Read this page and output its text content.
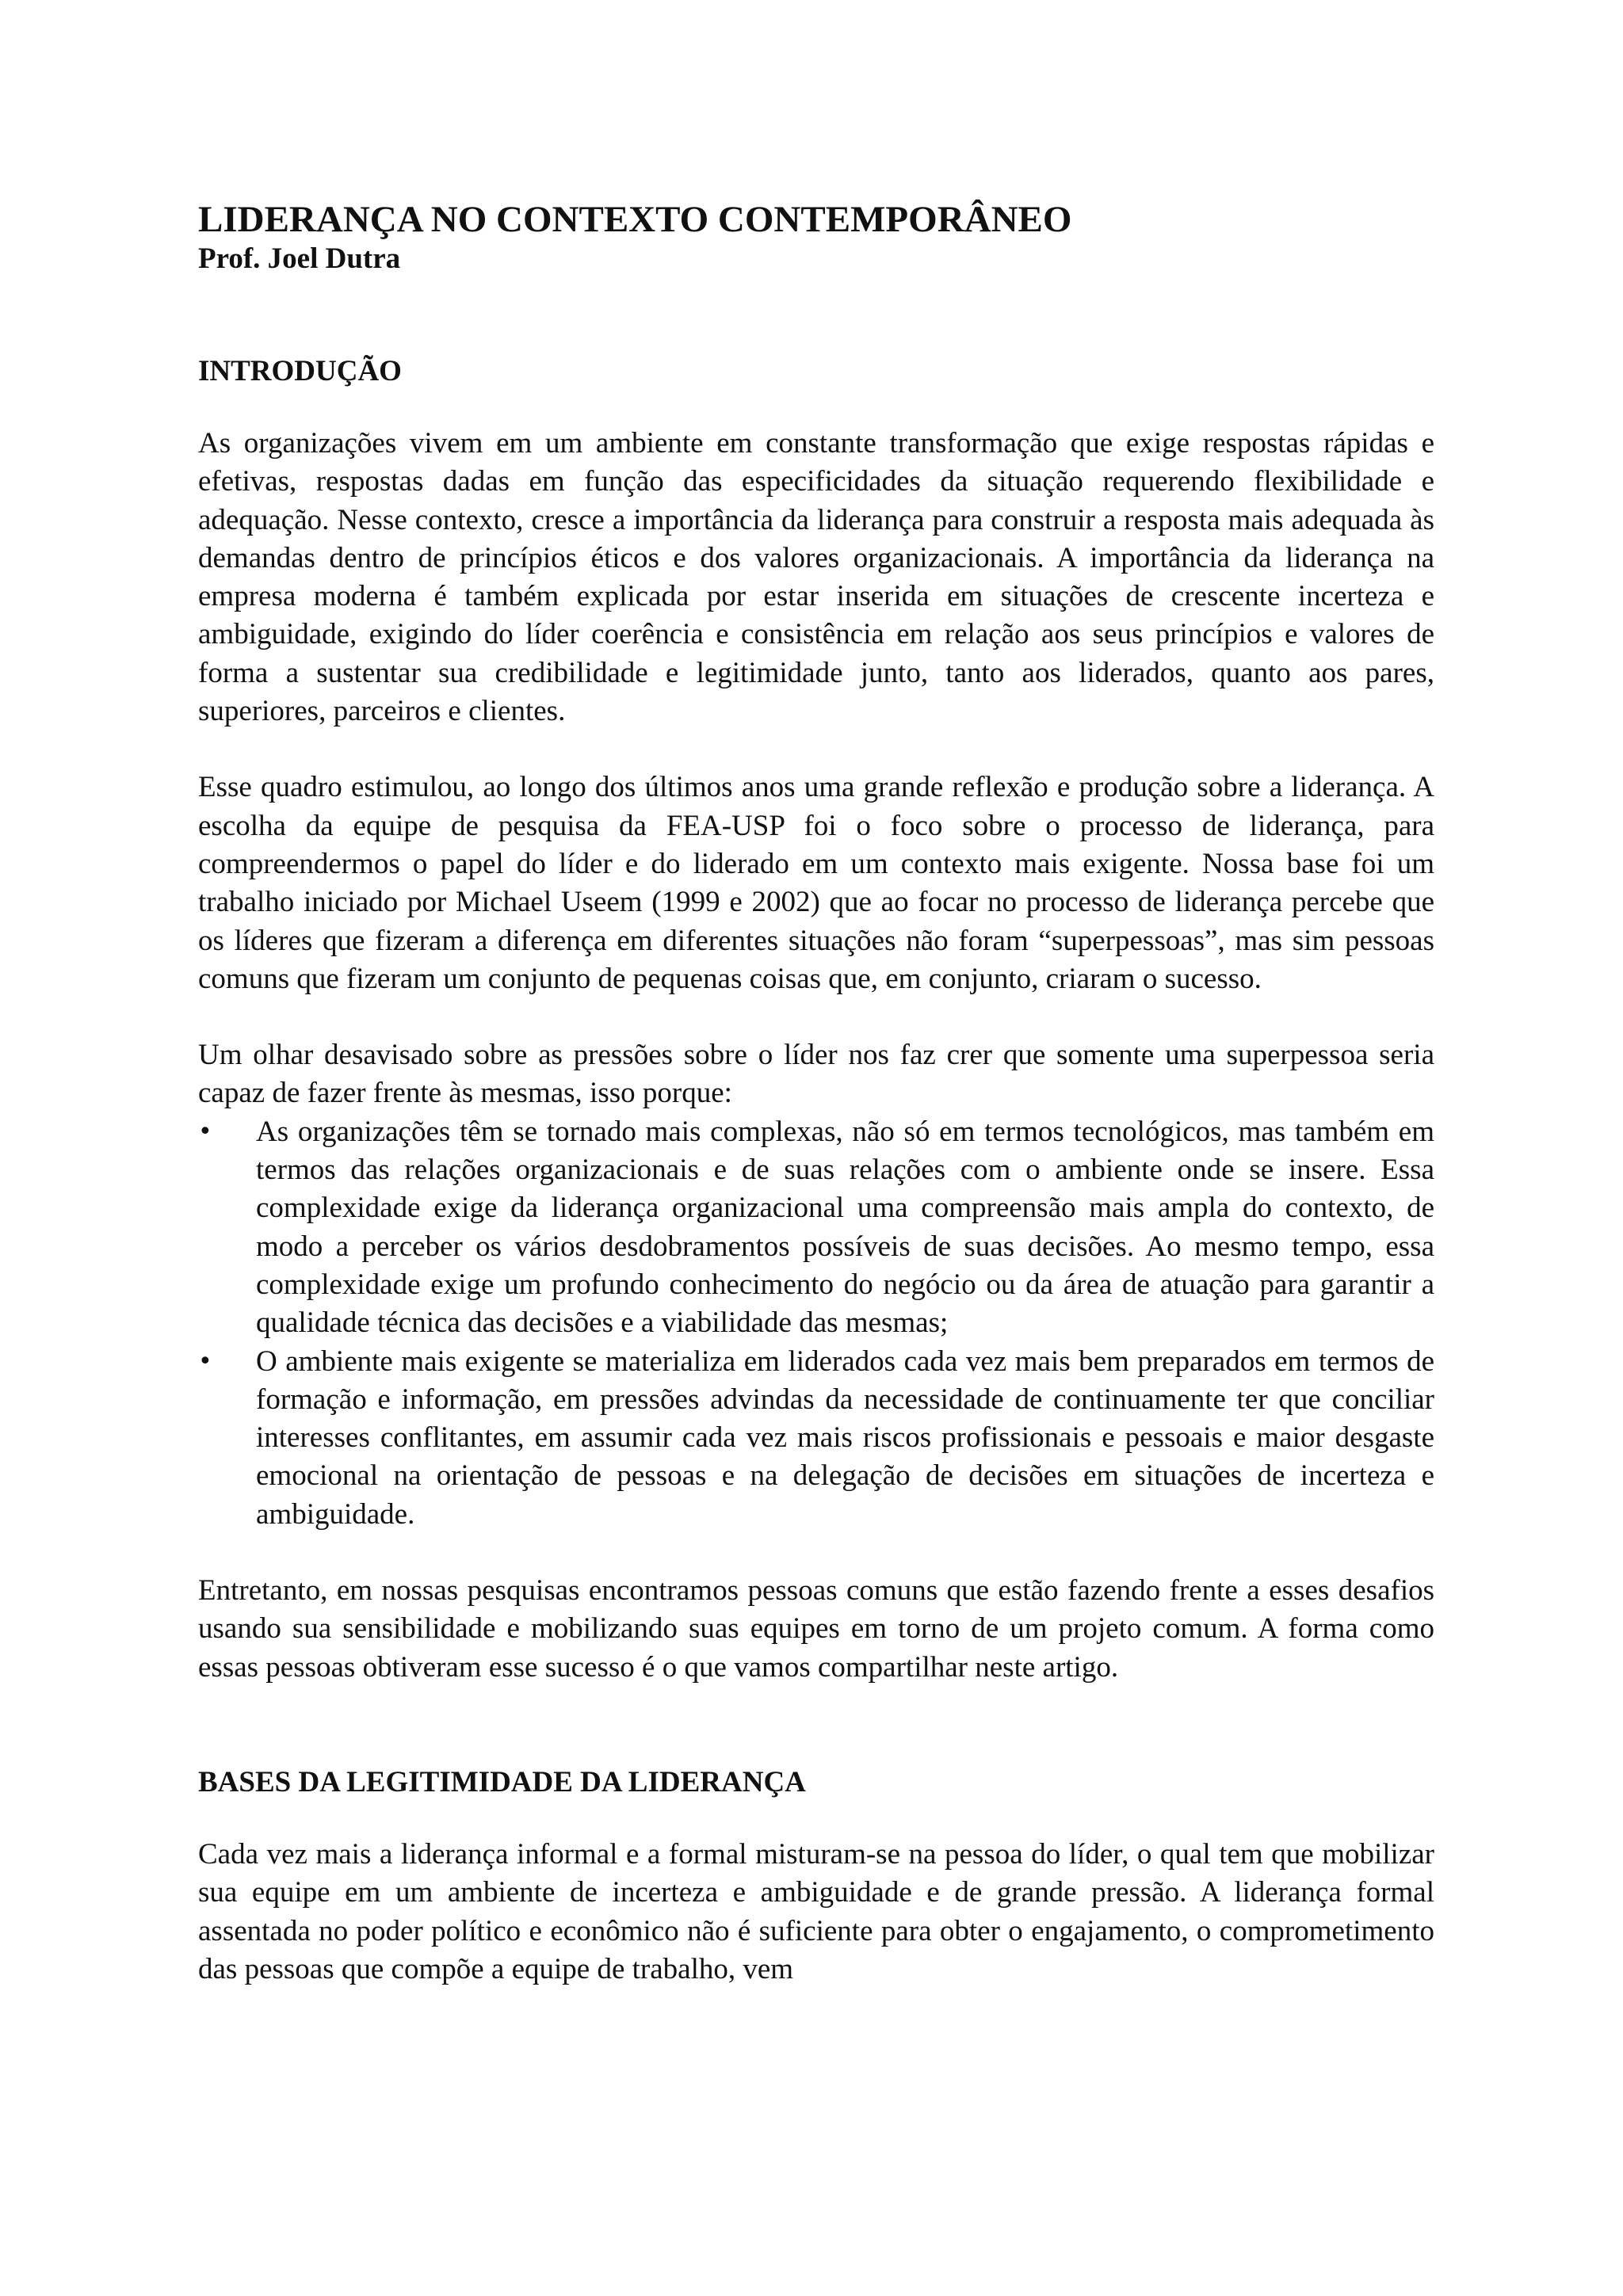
LIDERANÇA NO CONTEXTO CONTEMPORÂNEO

Prof. Joel Dutra

INTRODUÇÃO

As organizações vivem em um ambiente em constante transformação que exige respostas rápidas e efetivas, respostas dadas em função das especificidades da situação requerendo flexibilidade e adequação. Nesse contexto, cresce a importância da liderança para construir a resposta mais adequada às demandas dentro de princípios éticos e dos valores organizacionais. A importância da liderança na empresa moderna é também explicada por estar inserida em situações de crescente incerteza e ambiguidade, exigindo do líder coerência e consistência em relação aos seus princípios e valores de forma a sustentar sua credibilidade e legitimidade junto, tanto aos liderados, quanto aos pares, superiores, parceiros e clientes.

Esse quadro estimulou, ao longo dos últimos anos uma grande reflexão e produção sobre a liderança. A escolha da equipe de pesquisa da FEA-USP foi o foco sobre o processo de liderança, para compreendermos o papel do líder e do liderado em um contexto mais exigente. Nossa base foi um trabalho iniciado por Michael Useem (1999 e 2002) que ao focar no processo de liderança percebe que os líderes que fizeram a diferença em diferentes situações não foram “superpessoas”, mas sim pessoas comuns que fizeram um conjunto de pequenas coisas que, em conjunto, criaram o sucesso.

Um olhar desavisado sobre as pressões sobre o líder nos faz crer que somente uma superpessoa seria capaz de fazer frente às mesmas, isso porque:

•	As organizações têm se tornado mais complexas, não só em termos tecnológicos, mas também em termos das relações organizacionais e de suas relações com o ambiente onde se insere. Essa complexidade exige da liderança organizacional uma compreensão mais ampla do contexto, de modo a perceber os vários desdobramentos possíveis de suas decisões. Ao mesmo tempo, essa complexidade exige um profundo conhecimento do negócio ou da área de atuação para garantir a qualidade técnica das decisões e a viabilidade das mesmas;
•	O ambiente mais exigente se materializa em liderados cada vez mais bem preparados em termos de formação e informação, em pressões advindas da necessidade de continuamente ter que conciliar interesses conflitantes, em assumir cada vez mais riscos profissionais e pessoais e maior desgaste emocional na orientação de pessoas e na delegação de decisões em situações de incerteza e ambiguidade.

Entretanto, em nossas pesquisas encontramos pessoas comuns que estão fazendo frente a esses desafios usando sua sensibilidade e mobilizando suas equipes em torno de um projeto comum. A forma como essas pessoas obtiveram esse sucesso é o que vamos compartilhar neste artigo.

BASES DA LEGITIMIDADE DA LIDERANÇA

Cada vez mais a liderança informal e a formal misturam-se na pessoa do líder, o qual tem que mobilizar sua equipe em um ambiente de incerteza e ambiguidade e de grande pressão. A liderança formal assentada no poder político e econômico não é suficiente para obter o engajamento, o comprometimento das pessoas que compõe a equipe de trabalho, vem
